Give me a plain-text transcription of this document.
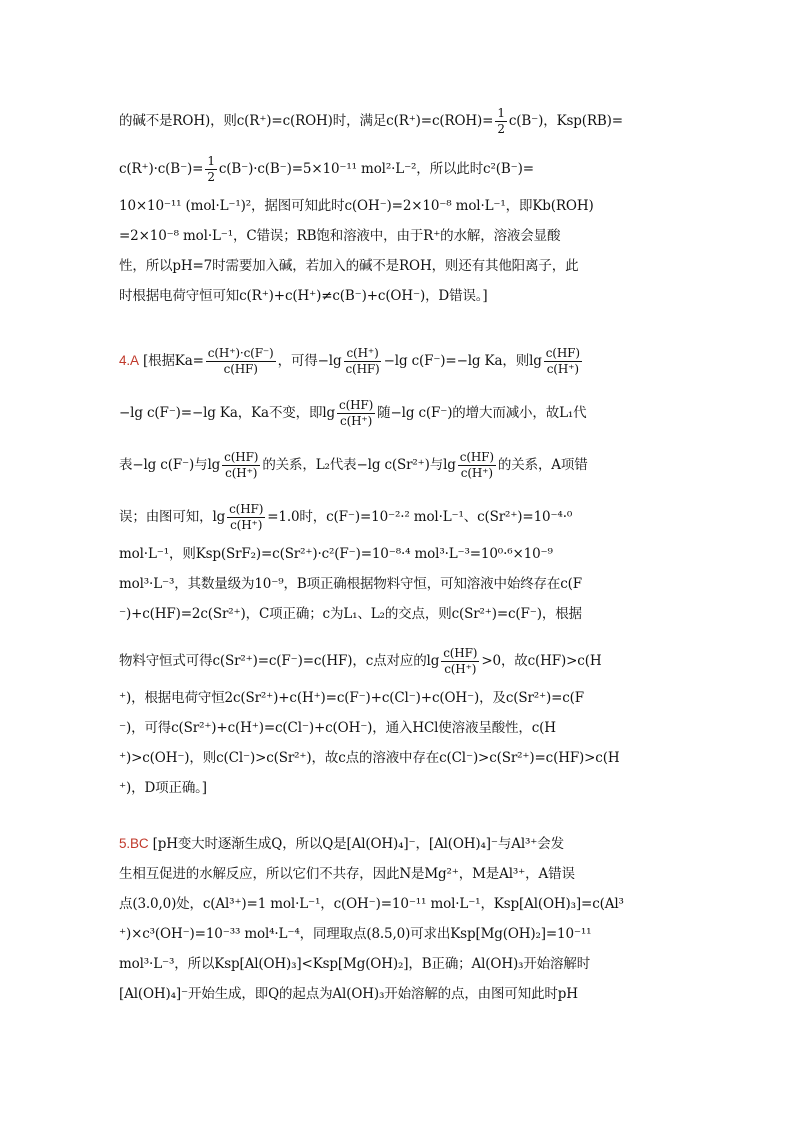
的碱不是ROH)，则c(R⁺)=c(ROH)时，满足$c(R^+)=c(ROH)= \frac{1}{2} c(B^-)$，Ksp(RB)=
$c(R^+)\cdot c(B^-)= \frac{1}{2} c(B^-)\cdot c(B^-)=5\times 10^{-11}$ mol²·L⁻²，所以此时c²(B⁻)=
10×10⁻¹¹ (mol·L⁻¹)²，据图可知此时c(OH⁻)=2×10⁻⁸ mol·L⁻¹，即Kb(ROH)
=2×10⁻⁸ mol·L⁻¹，C错误；RB饱和溶液中，由于R⁺的水解，溶液会显酸
性，所以pH=7时需要加入碱，若加入的碱不是ROH，则还有其他阳离子，此
时根据电荷守恒可知c(R⁺)+c(H⁺)≠c(B⁻)+c(OH⁻)，D错误。]
4.A [根据$Ka= \frac{c(H^+)\cdot c(F^-)}{c(HF)}$ ，可得$-\lg \frac{c(H^+)}{c(HF)} -\lg$ c(F⁻)=−lg Ka，则$\lg \frac{c(HF)}{c(H^+)}$
−lg c(F⁻)=−lg Ka，Ka不变，即$\lg \frac{c(HF)}{c(H^+)}$ 随−lg c(F⁻)的增大而减小，故L₁代
表−lg c(F⁻)与$\lg \frac{c(HF)}{c(H^+)}$ 的关系，L₂代表−lg c(Sr²⁺)与$\lg \frac{c(HF)}{c(H^+)}$ 的关系，A项错
误；由图可知，$\lg \frac{c(HF)}{c(H^+)} =1.0$时，c(F⁻)=10⁻²·² mol·L⁻¹、c(Sr²⁺)=10⁻⁴·⁰
mol·L⁻¹，则Ksp(SrF₂)=c(Sr²⁺)·c²(F⁻)=10⁻⁸·⁴ mol³·L⁻³=10⁰·⁶×10⁻⁹
mol³·L⁻³，其数量级为10⁻⁹，B项正确根据物料守恒，可知溶液中始终存在c(F
⁻)+c(HF)=2c(Sr²⁺)，C项正确；c为L₁、L₂的交点，则c(Sr²⁺)=c(F⁻)，根据
物料守恒式可得c(Sr²⁺)=c(F⁻)=c(HF)，c点对应的$\lg \frac{c(HF)}{c(H^+)} >0$，故c(HF)>c(H
⁺)，根据电荷守恒2c(Sr²⁺)+c(H⁺)=c(F⁻)+c(Cl⁻)+c(OH⁻)，及c(Sr²⁺)=c(F
⁻)，可得c(Sr²⁺)+c(H⁺)=c(Cl⁻)+c(OH⁻)，通入HCl使溶液呈酸性，c(H
⁺)>c(OH⁻)，则c(Cl⁻)>c(Sr²⁺)，故c点的溶液中存在c(Cl⁻)>c(Sr²⁺)=c(HF)>c(H
⁺)，D项正确。]
5.BC [pH变大时逐渐生成Q，所以Q是[Al(OH)₄]⁻，[Al(OH)₄]⁻与Al³⁺会发
生相互促进的水解反应，所以它们不共存，因此N是Mg²⁺，M是Al³⁺，A错误
点(3.0,0)处，c(Al³⁺)=1 mol·L⁻¹，c(OH⁻)=10⁻¹¹ mol·L⁻¹，Ksp[Al(OH)₃]=c(Al³
⁺)×c³(OH⁻)=10⁻³³ mol⁴·L⁻⁴，同理取点(8.5,0)可求出Ksp[Mg(OH)₂]=10⁻¹¹
mol³·L⁻³，所以Ksp[Al(OH)₃]<Ksp[Mg(OH)₂]，B正确；Al(OH)₃开始溶解时
[Al(OH)₄]⁻开始生成，即Q的起点为Al(OH)₃开始溶解的点，由图可知此时pH
